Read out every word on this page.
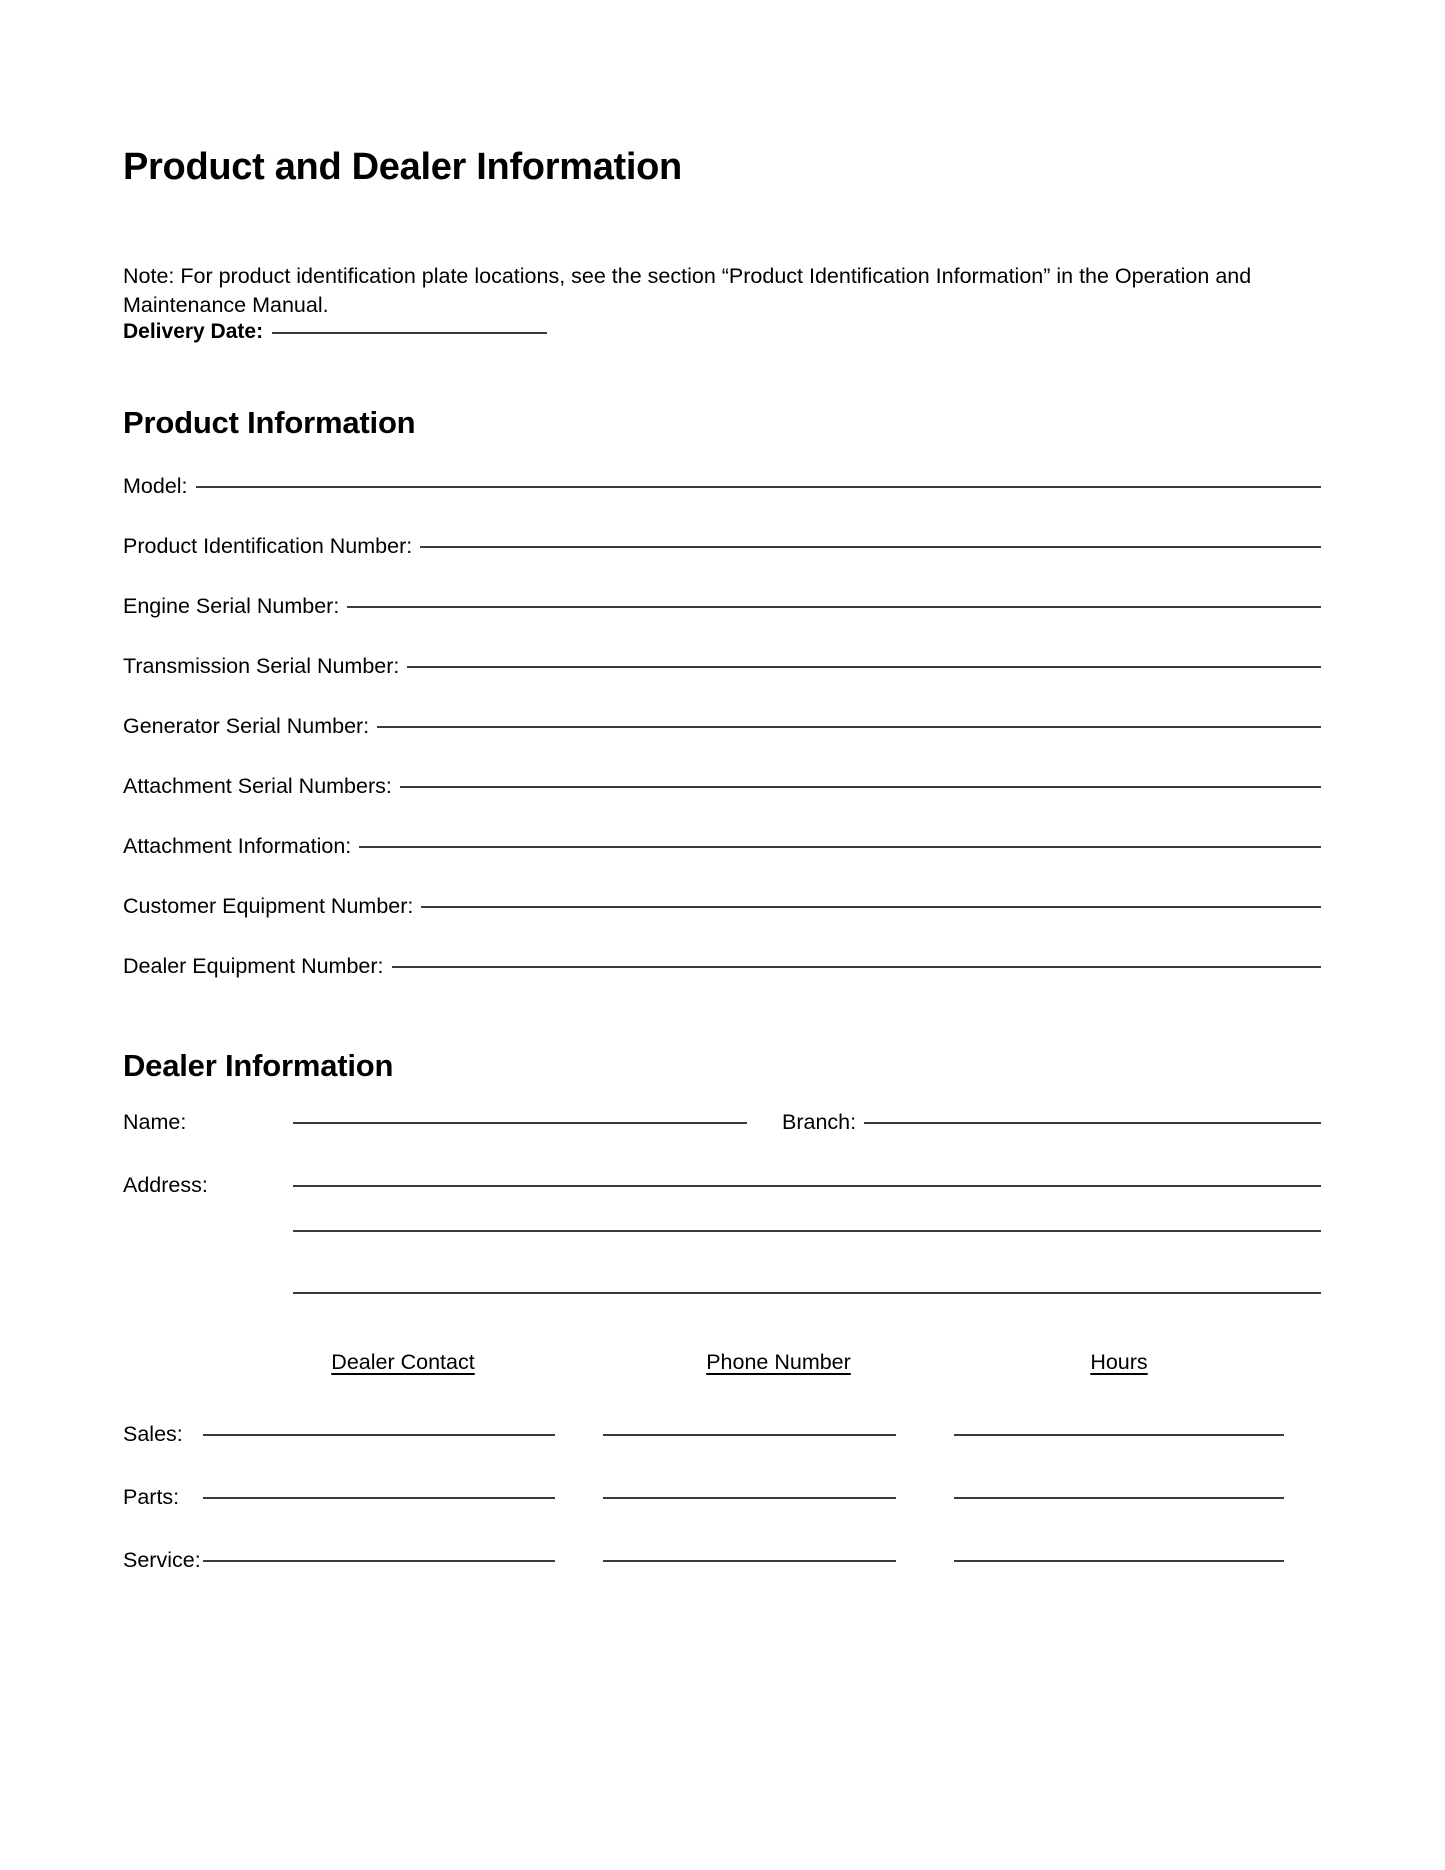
Product and Dealer Information

Note: For product identification plate locations, see the section “Product Identification Information” in the Operation and Maintenance Manual.

Delivery Date:
Product Information
Model:
Product Identification Number:
Engine Serial Number:
Transmission Serial Number:
Generator Serial Number:
Attachment Serial Numbers:
Attachment Information:
Customer Equipment Number:
Dealer Equipment Number:
Dealer Information
Name:	Branch:
Address:
Dealer Contact	Phone Number	Hours
Sales:
Parts:
Service:
